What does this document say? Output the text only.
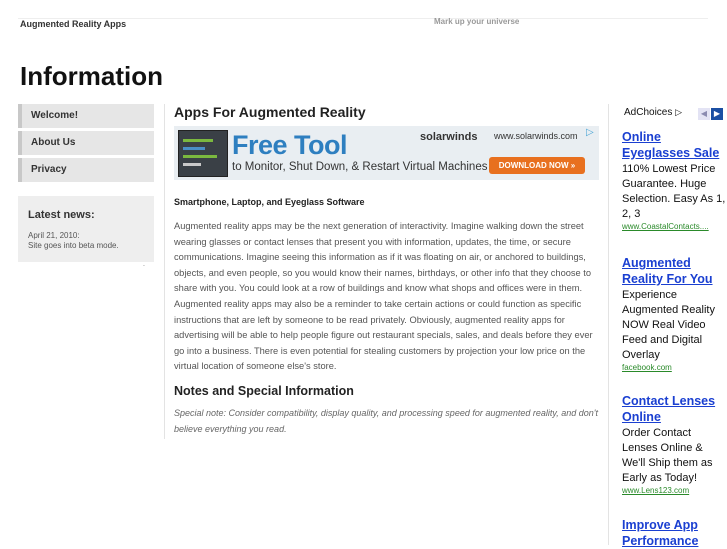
Augmented Reality Apps	Mark up your universe
Information
Welcome!
About Us
Privacy
Latest news:
April 21, 2010:
Site goes into beta mode.
.
Apps For Augmented Reality
Free Tool
to Monitor, Shut Down, & Restart Virtual Machines
solarwinds www.solarwinds.com
DOWNLOAD NOW »
▷
Smartphone, Laptop, and Eyeglass Software
Augmented reality apps may be the next generation of interactivity. Imagine walking down the street wearing glasses or contact lenses that present you with information, updates, the time, or secure communications. Imagine seeing this information as if it was floating on air, or anchored to buildings, objects, and even people, so you would know their names, birthdays, or other info that they choose to share with you. You could look at a row of buildings and know what shops and offices were in them. Augmented reality apps may also be a reminder to take certain actions or could function as specific instructions that are left by someone to be read privately. Obviously, augmented reality apps for advertising will be able to help people figure out restaurant specials, sales, and deals before they ever go into a business. There is even potential for stealing customers by projection your low price on the virtual location of someone else's store.
Notes and Special Information
Special note: Consider compatibility, display quality, and processing speed for augmented reality, and don't believe everything you read.
AdChoices ▷	◀ ▶
Online Eyeglasses Sale
110% Lowest Price Guarantee. Huge Selection. Easy As 1, 2, 3
www.CoastalContacts....
Augmented Reality For You
Experience Augmented Reality NOW Real Video Feed and Digital Overlay
facebook.com
Contact Lenses Online
Order Contact Lenses Online & We'll Ship them as Early as Today!
www.Lens123.com
Improve App Performance
